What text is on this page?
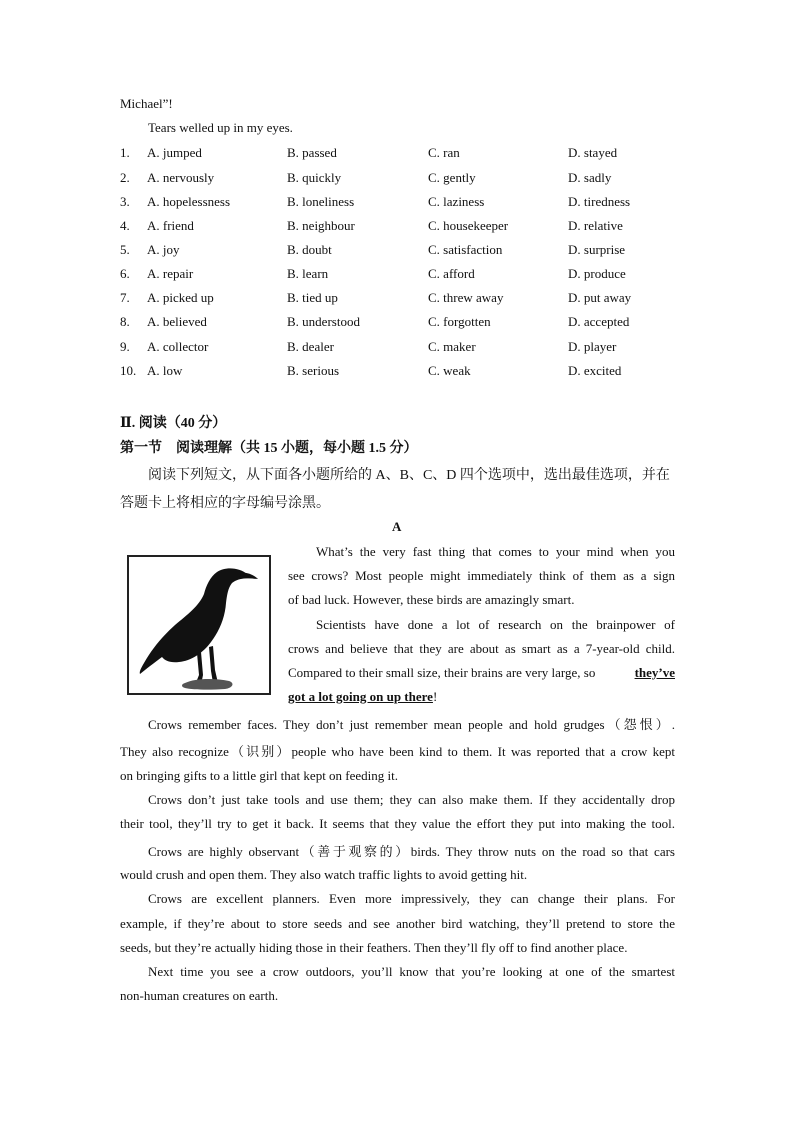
Michael”!
Tears welled up in my eyes.
1. A. jumped	B. passed	C. ran	D. stayed
2. A. nervously	B. quickly	C. gently	D. sadly
3. A. hopelessness	B. loneliness	C. laziness	D. tiredness
4. A. friend	B. neighbour	C. housekeeper	D. relative
5. A. joy	B. doubt	C. satisfaction	D. surprise
6. A. repair	B. learn	C. afford	D. produce
7. A. picked up	B. tied up	C. threw away	D. put away
8. A. believed	B. understood	C. forgotten	D. accepted
9. A. collector	B. dealer	C. maker	D. player
10. A. low	B. serious	C. weak	D. excited
Ⅱ. 阅读（40 分）
第一节　阅读理解（共 15 小题，每小题 1.5 分）
阅读下列短文，从下面各小题所给的 A、B、C、D 四个选项中，选出最佳选项，并在
答题卡上将相应的字母编号涂黑。
A
What’s the very fast thing that comes to your mind when you
see crows? Most people might immediately think of them as a sign
of bad luck. However, these birds are amazingly smart.
Scientists have done a lot of research on the brainpower of
crows and believe that they are about as smart as a 7-year-old child.
Compared to their small size, their brains are very large, so	they’ve
got a lot going on up there!
Crows remember faces. They don’t just remember mean people and hold grudges（怨恨）.
They also recognize（识别）people who have been kind to them. It was reported that a crow kept
on bringing gifts to a little girl that kept on feeding it.
Crows don’t just take tools and use them; they can also make them. If they accidentally drop
their tool, they’ll try to get it back. It seems that they value the effort they put into making the tool.
Crows are highly observant（善于观察的）birds. They throw nuts on the road so that cars
would crush and open them. They also watch traffic lights to avoid getting hit.
Crows are excellent planners. Even more impressively, they can change their plans. For
example, if they’re about to store seeds and see another bird watching, they’ll pretend to store the
seeds, but they’re actually hiding those in their feathers. Then they’ll fly off to find another place.
Next time you see a crow outdoors, you’ll know that you’re looking at one of the smartest
non-human creatures on earth.
